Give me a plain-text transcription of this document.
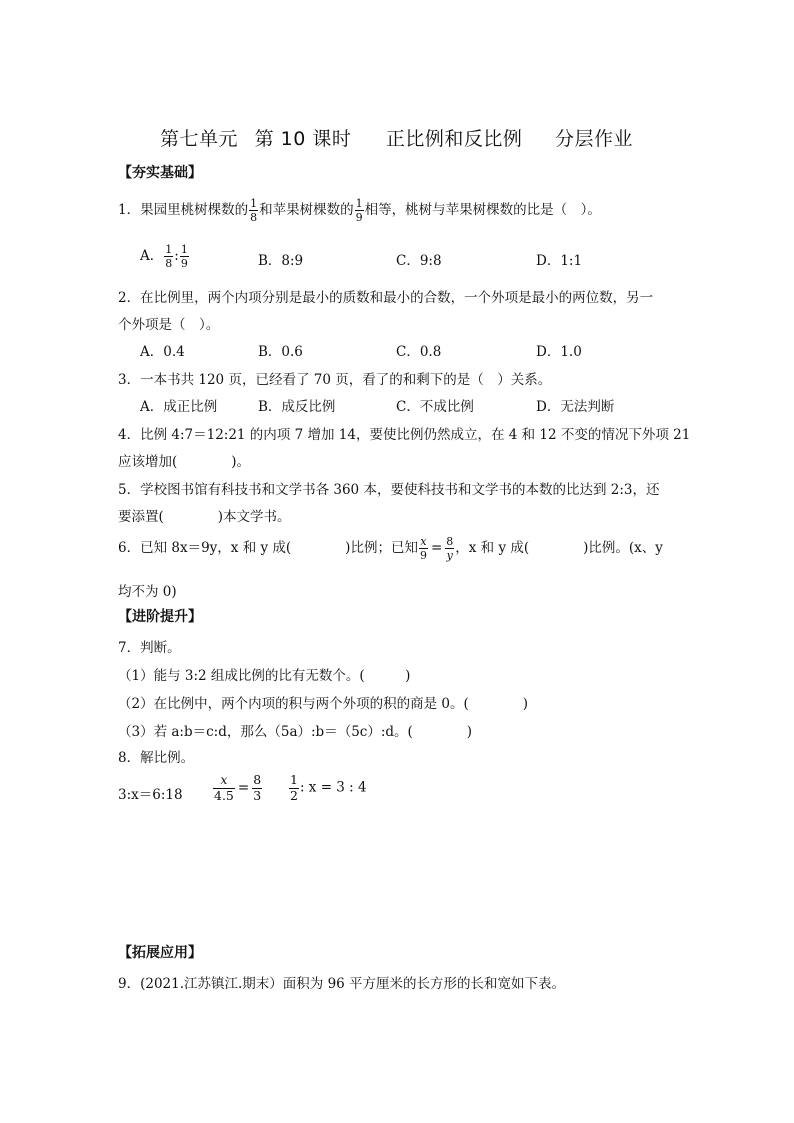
第七单元 第 10 课时 正比例和反比例 分层作业
【夯实基础】
1．果园里桃树棵数的 $\frac{1}{8}$ 和苹果树棵数的 $\frac{1}{9}$ 相等，桃树与苹果树棵数的比是（　）。
A． $\frac{1}{8}$ : $\frac{1}{9}$	B．8:9	C．9:8	D．1:1
2．在比例里，两个内项分别是最小的质数和最小的合数，一个外项是最小的两位数，另一
个外项是（　）。
A．0.4	B．0.6	C．0.8	D．1.0
3．一本书共 120 页，已经看了 70 页，看了的和剩下的是（　）关系。
A．成正比例	B．成反比例	C．不成比例	D．无法判断
4．比例 4:7＝12:21 的内项 7 增加 14，要使比例仍然成立，在 4 和 12 不变的情况下外项 21
应该增加(　　　　)。
5．学校图书馆有科技书和文学书各 360 本，要使科技书和文学书的本数的比达到 2:3，还
要添置(　　　　)本文学书。
6．已知 8x＝9y，x 和 y 成(　　　　)比例；已知 $\frac{x}{9} = \frac{8}{y}$ ，x 和 y 成(　　　　)比例。(x、y
均不为 0)
【进阶提升】
7．判断。
（1）能与 3:2 组成比例的比有无数个。(　　　)
（2）在比例中，两个内项的积与两个外项的积的商是 0。(　　　　)
（3）若 a:b＝c:d，那么（5a）:b＝（5c）:d。(　　　　)
8．解比例。
3:x＝6:18 $\frac{x}{4.5} = \frac{8}{3} \frac{1}{2}$ : x = 3 : 4
【拓展应用】
9．(2021.江苏镇江.期末）面积为 96 平方厘米的长方形的长和宽如下表。
